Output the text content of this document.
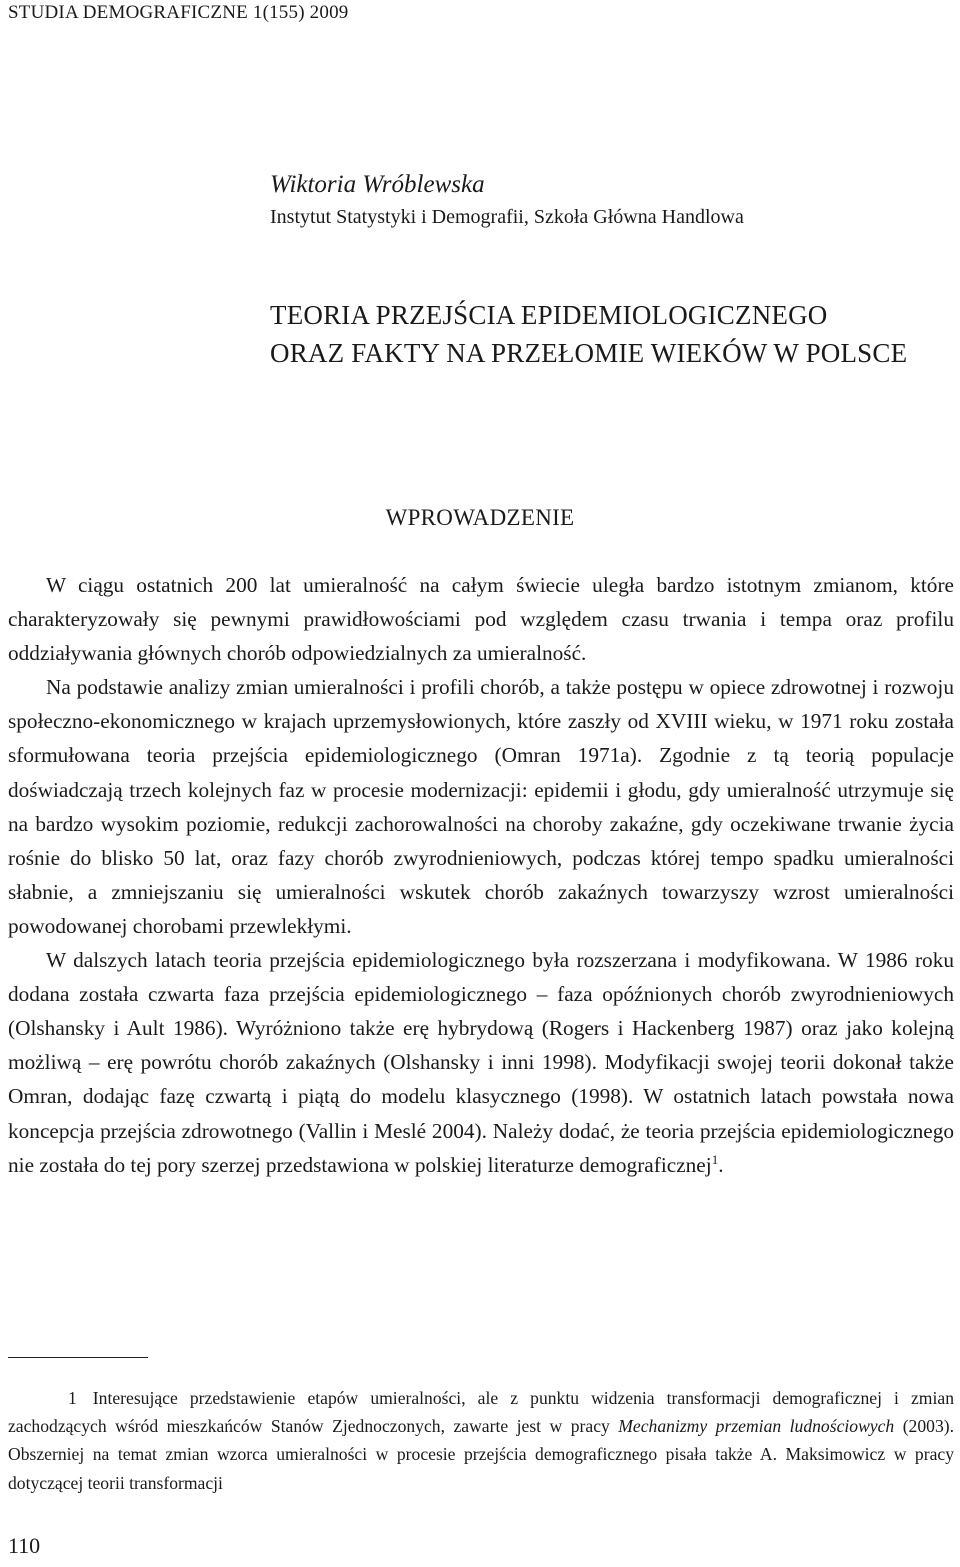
STUDIA DEMOGRAFICZNE 1(155) 2009
Wiktoria Wróblewska
Instytut Statystyki i Demografii, Szkoła Główna Handlowa
TEORIA PRZEJŚCIA EPIDEMIOLOGICZNEGO
ORAZ FAKTY NA PRZEŁOMIE WIEKÓW W POLSCE
WPROWADZENIE

W ciągu ostatnich 200 lat umieralność na całym świecie uległa bardzo istotnym zmianom, które charakteryzowały się pewnymi prawidłowościami pod względem czasu trwania i tempa oraz profilu oddziaływania głównych chorób odpowiedzialnych za umieralność.

Na podstawie analizy zmian umieralności i profili chorób, a także postępu w opiece zdrowotnej i rozwoju społeczno-ekonomicznego w krajach uprzemysłowionych, które zaszły od XVIII wieku, w 1971 roku została sformułowana teoria przejścia epidemiologicznego (Omran 1971a). Zgodnie z tą teorią populacje doświadczają trzech kolejnych faz w procesie modernizacji: epidemii i głodu, gdy umieralność utrzymuje się na bardzo wysokim poziomie, redukcji zachorowalności na choroby zakaźne, gdy oczekiwane trwanie życia rośnie do blisko 50 lat, oraz fazy chorób zwyrodnieniowych, podczas której tempo spadku umieralności słabnie, a zmniejszaniu się umieralności wskutek chorób zakaźnych towarzyszy wzrost umieralności powodowanej chorobami przewlekłymi.

W dalszych latach teoria przejścia epidemiologicznego była rozszerzana i modyfikowana. W 1986 roku dodana została czwarta faza przejścia epidemiologicznego – faza opóźnionych chorób zwyrodnieniowych (Olshansky i Ault 1986). Wyróżniono także erę hybrydową (Rogers i Hackenberg 1987) oraz jako kolejną możliwą – erę powrótu chorób zakaźnych (Olshansky i inni 1998). Modyfikacji swojej teorii dokonał także Omran, dodając fazę czwartą i piątą do modelu klasycznego (1998). W ostatnich latach powstała nowa koncepcja przejścia zdrowotnego (Vallin i Meslé 2004). Należy dodać, że teoria przejścia epidemiologicznego nie została do tej pory szerzej przedstawiona w polskiej literaturze demograficznej$^1$.

1 Interesujące przedstawienie etapów umieralności, ale z punktu widzenia transformacji demograficznej i zmian zachodzących wśród mieszkańców Stanów Zjednoczonych, zawarte jest w pracy Mechanizmy przemian ludnościowych (2003). Obszerniej na temat zmian wzorca umieralności w procesie przejścia demograficznego pisała także A. Maksimowicz w pracy dotyczącej teorii transformacji

110
